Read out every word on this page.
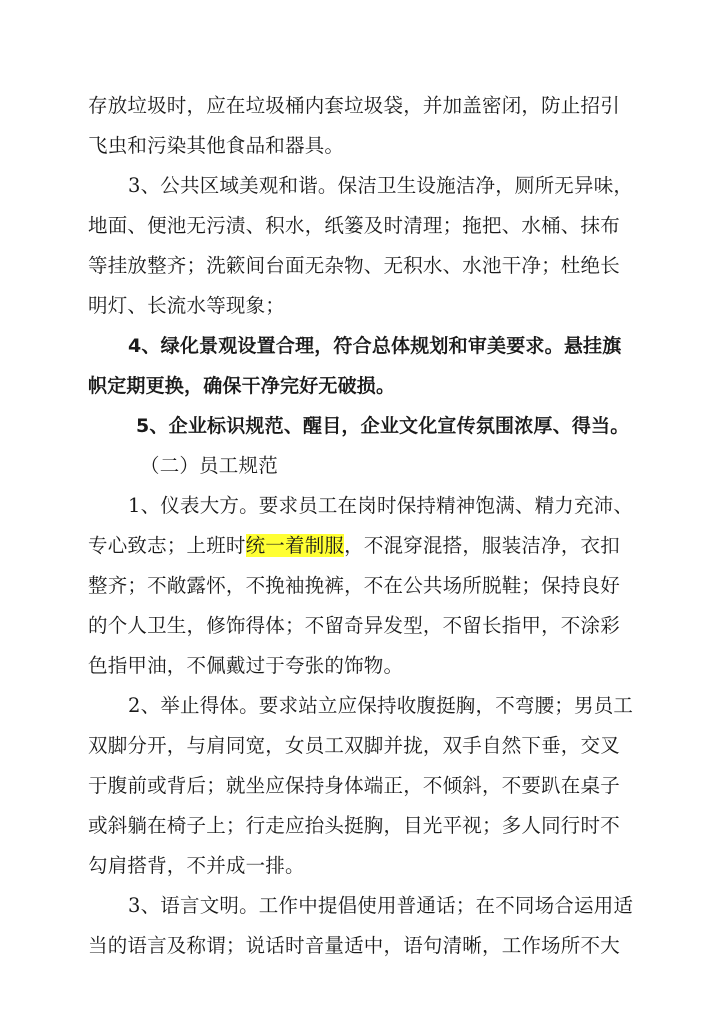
存放垃圾时，应在垃圾桶内套垃圾袋，并加盖密闭，防止招引
飞虫和污染其他食品和器具。
3、公共区域美观和谐。保洁卫生设施洁净，厕所无异味，
地面、便池无污渍、积水，纸篓及时清理；拖把、水桶、抹布
等挂放整齐；洗簌间台面无杂物、无积水、水池干净；杜绝长
明灯、长流水等现象；
4、绿化景观设置合理，符合总体规划和审美要求。悬挂旗
帜定期更换，确保干净完好无破损。
5、企业标识规范、醒目，企业文化宣传氛围浓厚、得当。
（二）员工规范
1、仪表大方。要求员工在岗时保持精神饱满、精力充沛、
专心致志；上班时统一着制服，不混穿混搭，服装洁净，衣扣
整齐；不敞露怀，不挽袖挽裤，不在公共场所脱鞋；保持良好
的个人卫生，修饰得体；不留奇异发型，不留长指甲，不涂彩
色指甲油，不佩戴过于夸张的饰物。
2、举止得体。要求站立应保持收腹挺胸，不弯腰；男员工
双脚分开，与肩同宽，女员工双脚并拢，双手自然下垂，交叉
于腹前或背后；就坐应保持身体端正，不倾斜，不要趴在桌子
或斜躺在椅子上；行走应抬头挺胸，目光平视；多人同行时不
勾肩搭背，不并成一排。
3、语言文明。工作中提倡使用普通话；在不同场合运用适
当的语言及称谓；说话时音量适中，语句清晰，工作场所不大
